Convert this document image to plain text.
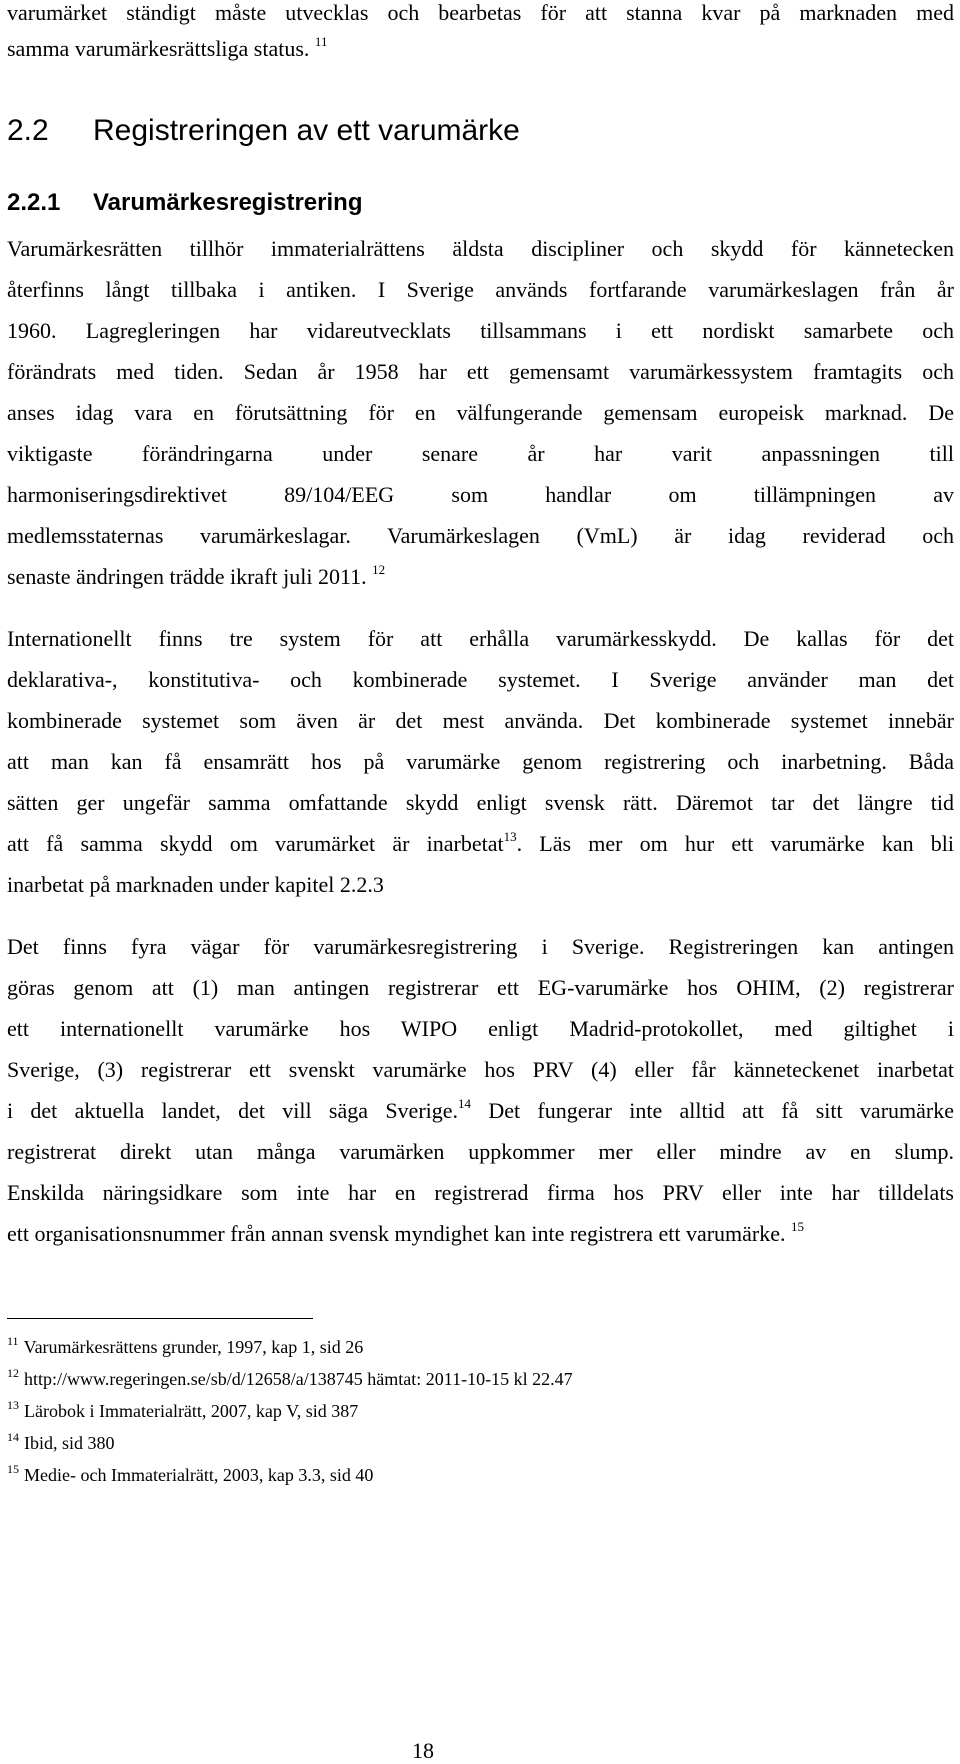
varumärket ständigt måste utvecklas och bearbetas för att stanna kvar på marknaden med
samma varumärkesrättsliga status. $^{11}$
2.2 Registreringen av ett varumärke
2.2.1 Varumärkesregistrering
Varumärkesrätten tillhör immaterialrättens äldsta discipliner och skydd för kännetecken
återfinns långt tillbaka i antiken. I Sverige används fortfarande varumärkeslagen från år
1960. Lagregleringen har vidareutvecklats tillsammans i ett nordiskt samarbete och
förändrats med tiden. Sedan år 1958 har ett gemensamt varumärkessystem framtagits och
anses idag vara en förutsättning för en välfungerande gemensam europeisk marknad. De
viktigaste förändringarna under senare år har varit anpassningen till
harmoniseringsdirektivet 89/104/EEG som handlar om tillämpningen av
medlemsstaternas varumärkeslagar. Varumärkeslagen (VmL) är idag reviderad och
senaste ändringen trädde ikraft juli 2011. $^{12}$
Internationellt finns tre system för att erhålla varumärkesskydd. De kallas för det
deklarativa-, konstitutiva- och kombinerade systemet. I Sverige använder man det
kombinerade systemet som även är det mest använda. Det kombinerade systemet innebär
att man kan få ensamrätt hos på varumärke genom registrering och inarbetning. Båda
sätten ger ungefär samma omfattande skydd enligt svensk rätt. Däremot tar det längre tid
att få samma skydd om varumärket är inarbetat$^{13}$. Läs mer om hur ett varumärke kan bli
inarbetat på marknaden under kapitel 2.2.3
Det finns fyra vägar för varumärkesregistrering i Sverige. Registreringen kan antingen
göras genom att (1) man antingen registrerar ett EG-varumärke hos OHIM, (2) registrerar
ett internationellt varumärke hos WIPO enligt Madrid-protokollet, med giltighet i
Sverige, (3) registrerar ett svenskt varumärke hos PRV (4) eller får känneteckenet inarbetat
i det aktuella landet, det vill säga Sverige.$^{14}$ Det fungerar inte alltid att få sitt varumärke
registrerat direkt utan många varumärken uppkommer mer eller mindre av en slump.
Enskilda näringsidkare som inte har en registrerad firma hos PRV eller inte har tilldelats
ett organisationsnummer från annan svensk myndighet kan inte registrera ett varumärke. $^{15}$
$^{11}$ Varumärkesrättens grunder, 1997, kap 1, sid 26
$^{12}$ http://www.regeringen.se/sb/d/12658/a/138745 hämtat: 2011-10-15 kl 22.47
$^{13}$ Lärobok i Immaterialrätt, 2007, kap V, sid 387
$^{14}$ Ibid, sid 380
$^{15}$ Medie- och Immaterialrätt, 2003, kap 3.3, sid 40
18
